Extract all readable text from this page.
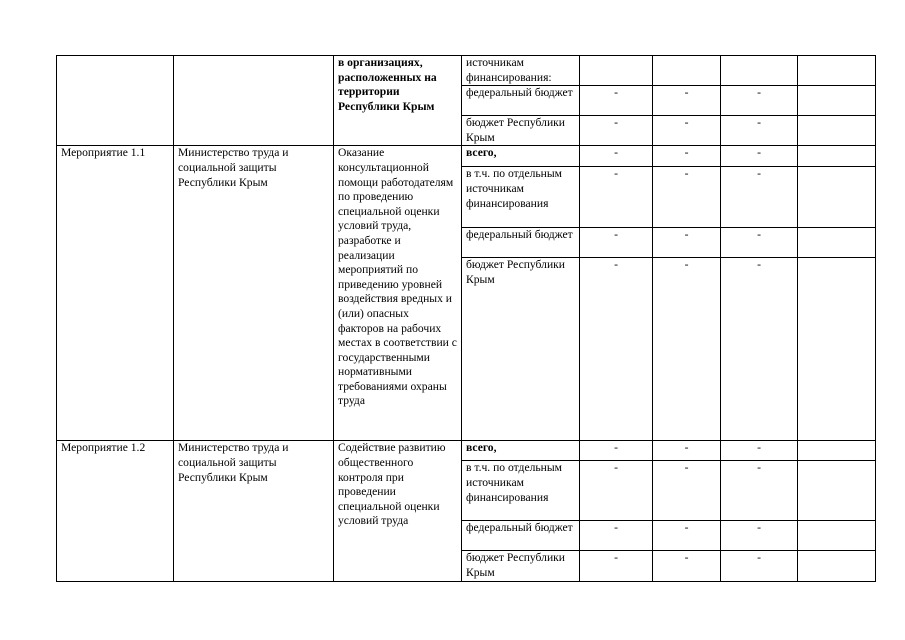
		в организациях, расположенных на территории Республики Крым	источникам финансирования:				
			федеральный бюджет	-	-	-	
			бюджет Республики Крым	-	-	-	
Мероприятие 1.1	Министерство труда и социальной защиты Республики Крым	Оказание консультационной помощи работодателям по проведению специальной оценки условий труда, разработке и реализации мероприятий по приведению уровней воздействия вредных и (или) опасных факторов на рабочих местах в соответствии с государственными нормативными требованиями охраны труда	всего,	-	-	-	
			в т.ч. по отдельным источникам финансирования	-	-	-	
			федеральный бюджет	-	-	-	
			бюджет Республики Крым	-	-	-	
Мероприятие 1.2	Министерство труда и социальной защиты Республики Крым	Содействие развитию общественного контроля при проведении специальной оценки условий труда	всего,	-	-	-	
			в т.ч. по отдельным источникам финансирования	-	-	-	
			федеральный бюджет	-	-	-	
			бюджет Республики Крым	-	-	-	
